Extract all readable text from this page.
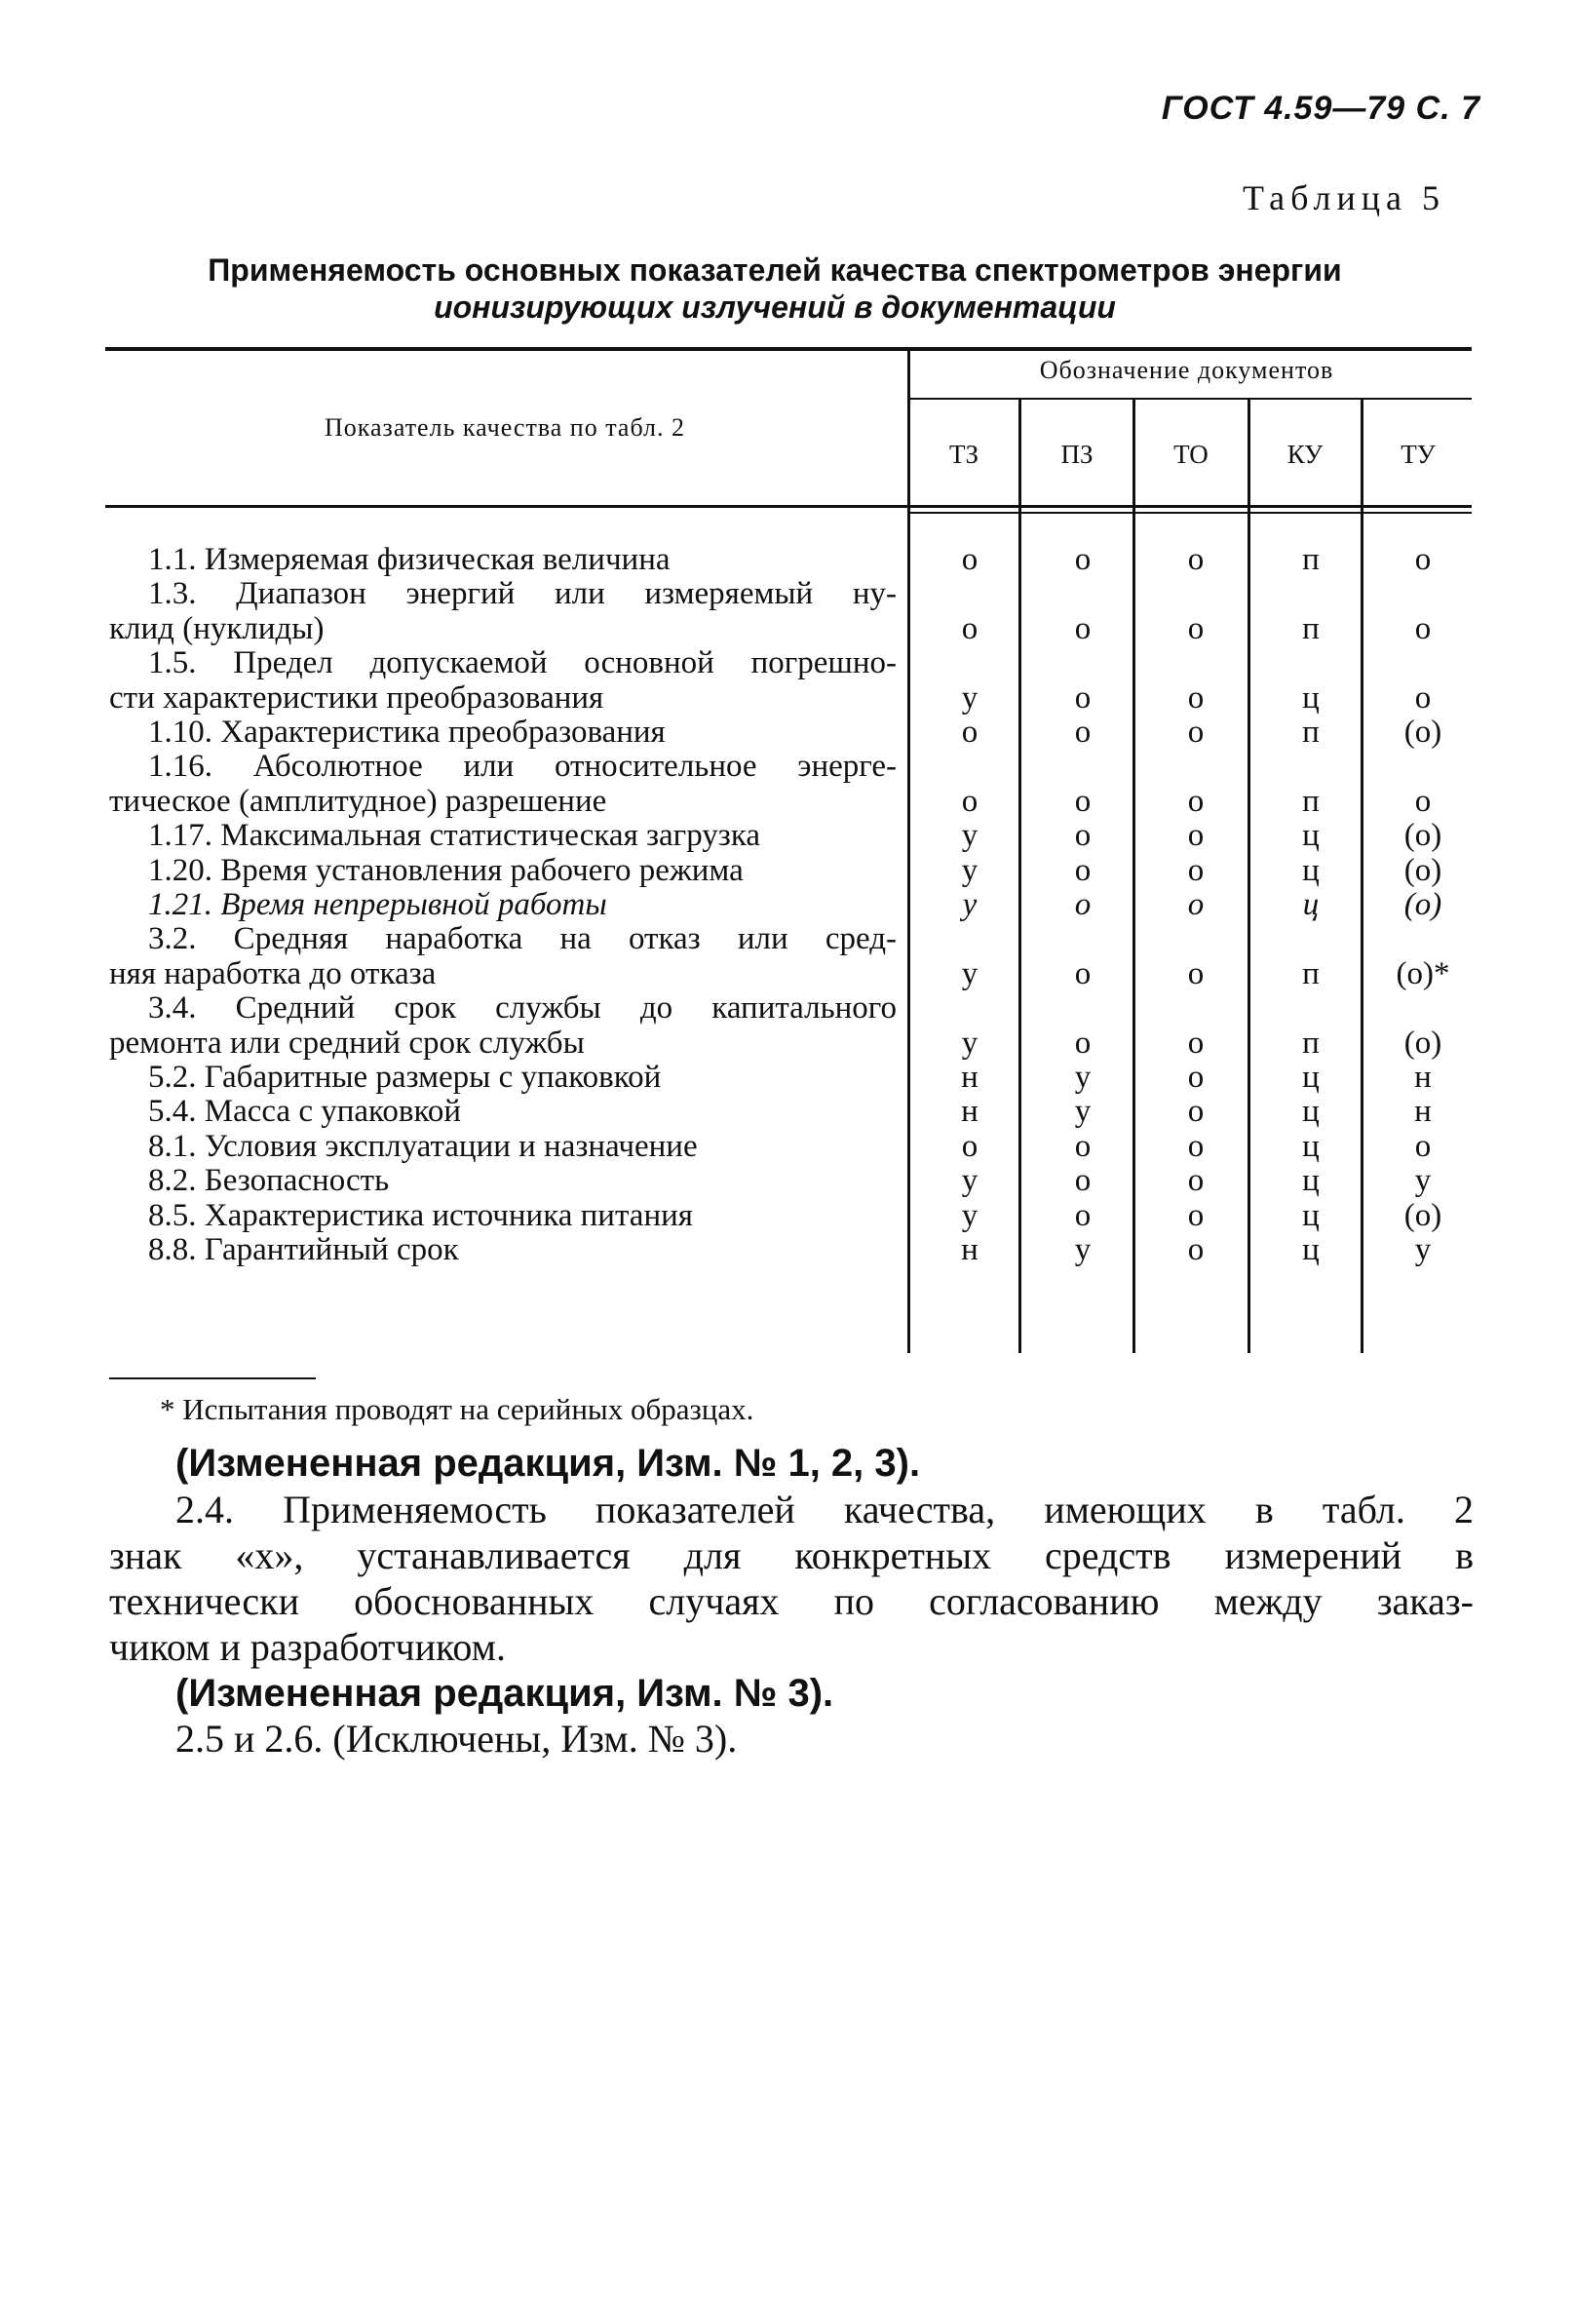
ГОСТ 4.59—79 С. 7
Таблица 5
Применяемость основных показателей качества спектрометров энергии
ионизирующих излучений в документации
Показатель качества по табл. 2
Обозначение документов
ТЗ	ПЗ	ТО	КУ	ТУ
1.1. Измеряемая физическая величина	о	о	о	п	о
1.3. Диапазон энергий или измеряемый ну-
клид (нуклиды)	о	о	о	п	о
1.5. Предел допускаемой основной погрешно-
сти характеристики преобразования	у	о	о	ц	о
1.10. Характеристика преобразования	о	о	о	п	(о)
1.16. Абсолютное или относительное энерге-
тическое (амплитудное) разрешение	о	о	о	п	о
1.17. Максимальная статистическая загрузка	у	о	о	ц	(о)
1.20. Время установления рабочего режима	у	о	о	ц	(о)
1.21. Время непрерывной работы	у	о	о	ц	(о)
3.2. Средняя наработка на отказ или сред-
няя наработка до отказа	у	о	о	п	(о)*
3.4. Средний срок службы до капитального
ремонта или средний срок службы	у	о	о	п	(о)
5.2. Габаритные размеры с упаковкой	н	у	о	ц	н
5.4. Масса с упаковкой	н	у	о	ц	н
8.1. Условия эксплуатации и назначение	о	о	о	ц	о
8.2. Безопасность	у	о	о	ц	у
8.5. Характеристика источника питания	у	о	о	ц	(о)
8.8. Гарантийный срок	н	у	о	ц	у
* Испытания проводят на серийных образцах.
(Измененная редакция, Изм. № 1, 2, 3).
2.4. Применяемость показателей качества, имеющих в табл. 2
знак «х», устанавливается для конкретных средств измерений в
технически обоснованных случаях по согласованию между заказ-
чиком и разработчиком.
(Измененная редакция, Изм. № 3).
2.5 и 2.6. (Исключены, Изм. № 3).
